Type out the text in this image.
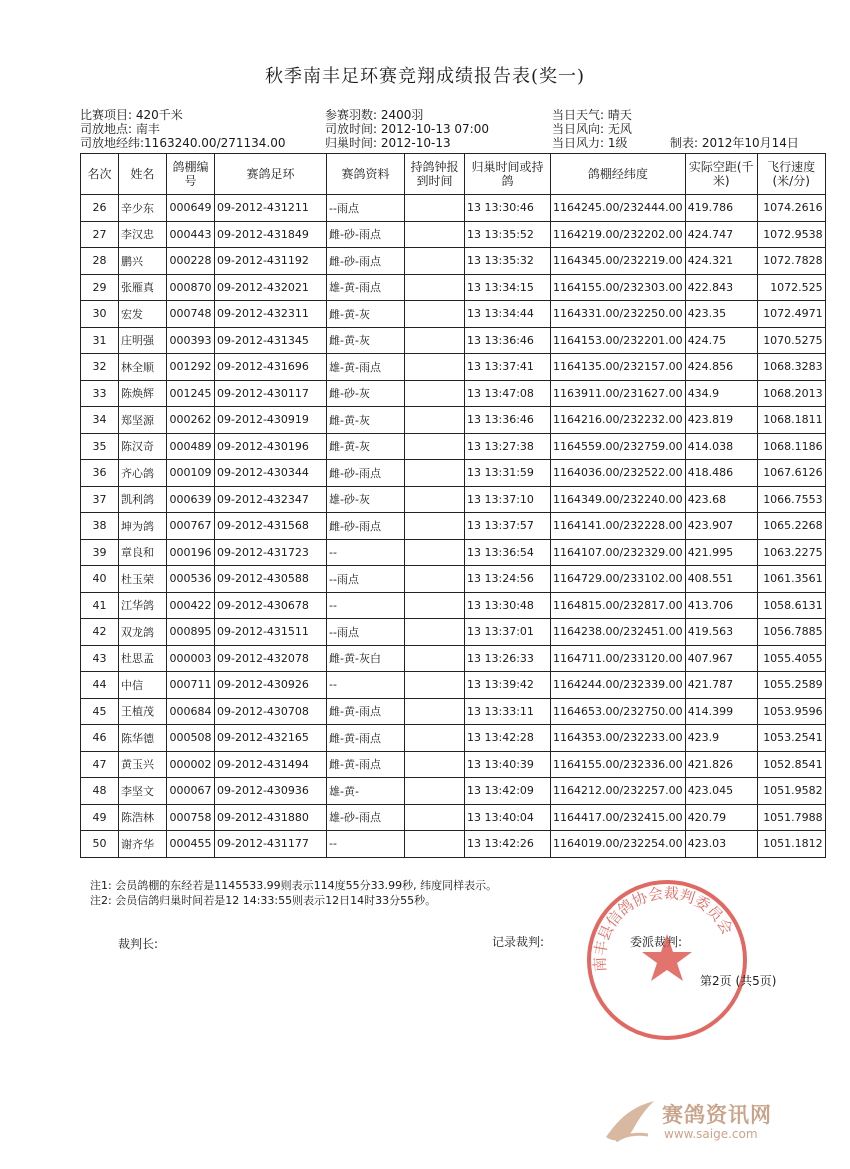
秋季南丰足环赛竞翔成绩报告表(奖一)
比赛项目: 420千米
司放地点: 南丰
司放地经纬:1163240.00/271134.00
参赛羽数: 2400羽
司放时间: 2012-10-13 07:00
归巢时间: 2012-10-13
当日天气: 晴天
当日风向: 无风
当日风力: 1级	制表: 2012年10月14日
名次	姓名	鸽棚编号	赛鸽足环	赛鸽资料	持鸽钟报到时间	归巢时间或持鸽	鸽棚经纬度	实际空距(千米)	飞行速度(米/分)
26	辛少东	000649	09-2012-431211	--雨点		13 13:30:46	1164245.00/232444.00	419.786	1074.2616
27	李汉忠	000443	09-2012-431849	雌-砂-雨点		13 13:35:52	1164219.00/232202.00	424.747	1072.9538
28	鹏兴	000228	09-2012-431192	雌-砂-雨点		13 13:35:32	1164345.00/232219.00	424.321	1072.7828
29	张雁真	000870	09-2012-432021	雄-黄-雨点		13 13:34:15	1164155.00/232303.00	422.843	1072.525
30	宏发	000748	09-2012-432311	雌-黄-灰		13 13:34:44	1164331.00/232250.00	423.35	1072.4971
31	庄明强	000393	09-2012-431345	雌-黄-灰		13 13:36:46	1164153.00/232201.00	424.75	1070.5275
32	林全顺	001292	09-2012-431696	雄-黄-雨点		13 13:37:41	1164135.00/232157.00	424.856	1068.3283
33	陈焕辉	001245	09-2012-430117	雌-砂-灰		13 13:47:08	1163911.00/231627.00	434.9	1068.2013
34	郑坚源	000262	09-2012-430919	雌-黄-灰		13 13:36:46	1164216.00/232232.00	423.819	1068.1811
35	陈汉奇	000489	09-2012-430196	雌-黄-灰		13 13:27:38	1164559.00/232759.00	414.038	1068.1186
36	齐心鸽	000109	09-2012-430344	雌-砂-雨点		13 13:31:59	1164036.00/232522.00	418.486	1067.6126
37	凯利鸽	000639	09-2012-432347	雄-砂-灰		13 13:37:10	1164349.00/232240.00	423.68	1066.7553
38	坤为鸽	000767	09-2012-431568	雌-砂-雨点		13 13:37:57	1164141.00/232228.00	423.907	1065.2268
39	章良和	000196	09-2012-431723	--		13 13:36:54	1164107.00/232329.00	421.995	1063.2275
40	杜玉荣	000536	09-2012-430588	--雨点		13 13:24:56	1164729.00/233102.00	408.551	1061.3561
41	江华鸽	000422	09-2012-430678	--		13 13:30:48	1164815.00/232817.00	413.706	1058.6131
42	双龙鸽	000895	09-2012-431511	--雨点		13 13:37:01	1164238.00/232451.00	419.563	1056.7885
43	杜思孟	000003	09-2012-432078	雌-黄-灰白		13 13:26:33	1164711.00/233120.00	407.967	1055.4055
44	中信	000711	09-2012-430926	--		13 13:39:42	1164244.00/232339.00	421.787	1055.2589
45	王植茂	000684	09-2012-430708	雌-黄-雨点		13 13:33:11	1164653.00/232750.00	414.399	1053.9596
46	陈华德	000508	09-2012-432165	雌-黄-雨点		13 13:42:28	1164353.00/232233.00	423.9	1053.2541
47	黄玉兴	000002	09-2012-431494	雌-黄-雨点		13 13:40:39	1164155.00/232336.00	421.826	1052.8541
48	李坚文	000067	09-2012-430936	雄-黄-		13 13:42:09	1164212.00/232257.00	423.045	1051.9582
49	陈浩林	000758	09-2012-431880	雄-砂-雨点		13 13:40:04	1164417.00/232415.00	420.79	1051.7988
50	谢齐华	000455	09-2012-431177	--		13 13:42:26	1164019.00/232254.00	423.03	1051.1812
注1: 会员鸽棚的东经若是1145533.99则表示114度55分33.99秒, 纬度同样表示。
注2: 会员信鸽归巢时间若是12 14:33:55则表示12日14时33分55秒。
裁判长:	记录裁判:	委派裁判:
南丰县信鸽协会裁判委员会
第2页 (共5页)
赛鸽资讯网
www.saige.com
